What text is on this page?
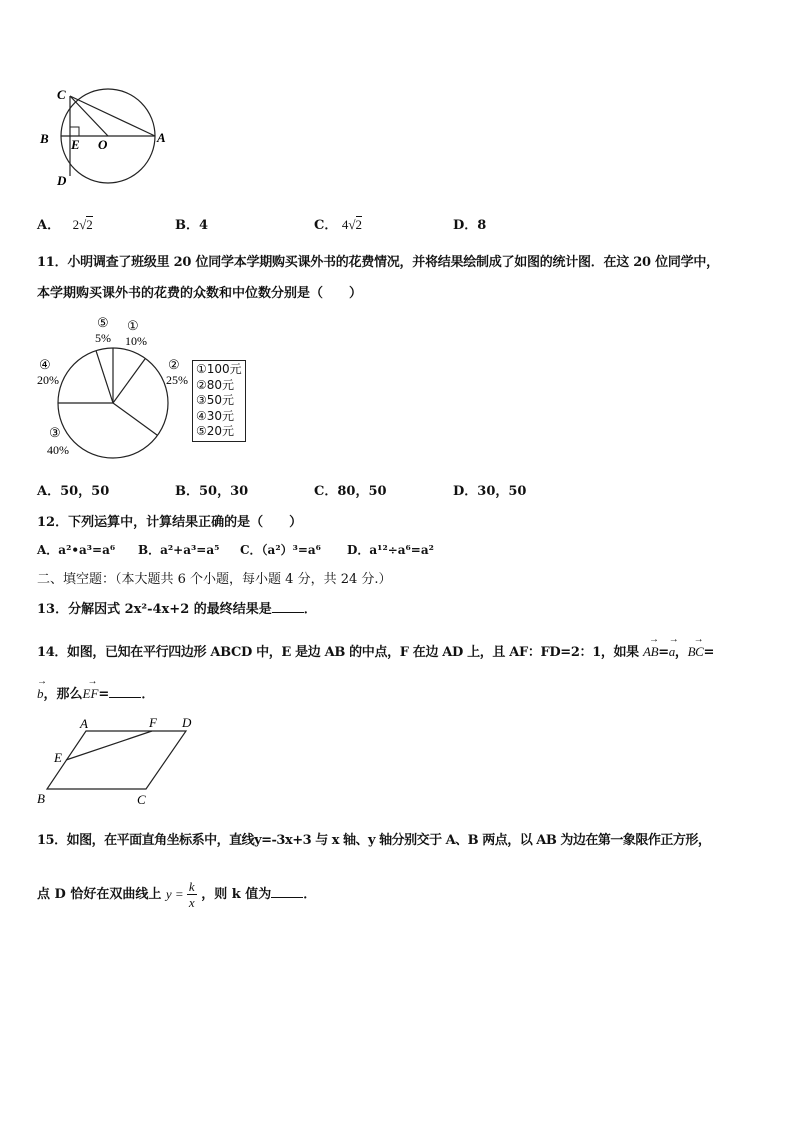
C
B E O	A
D
A． 2√2	B．4	C． 4√2	D．8
11．小明调查了班级里 20 位同学本学期购买课外书的花费情况，并将结果绘制成了如图的统计图．在这 20 位同学中，
本学期购买课外书的花费的众数和中位数分别是（　　）
①
10%
②
25%
③
40%
④
20%
⑤
5%
①100元
②80元
③50元
④30元
⑤20元
A．50，50	B．50，30	C．80，50	D．30，50
12．下列运算中，计算结果正确的是（　　）
A．a²•a³=a⁶ B．a²+a³=a⁵ C．（a²）³=a⁶ D．a¹²÷a⁶=a²
二、填空题：（本大题共 6 个小题，每小题 4 分，共 24 分.）
13．分解因式 2x²-4x+2 的最终结果是 ．
14．如图，已知在平行四边形 ABCD 中，E 是边 AB 的中点，F 在边 AD 上，且 AF：FD=2：1，如果
→
AB=
→
a，
→
BC=
→
b，那么
→
EF= ．
A	F D
E
B	C
15．如图，在平面直角坐标系中，直线y=-3x+3 与 x 轴、y 轴分别交于 A、B 两点，以 AB 为边在第一象限作正方形，
点 D 恰好在双曲线上 $y = \frac{k}{x}$ ，则 k 值为 ．
